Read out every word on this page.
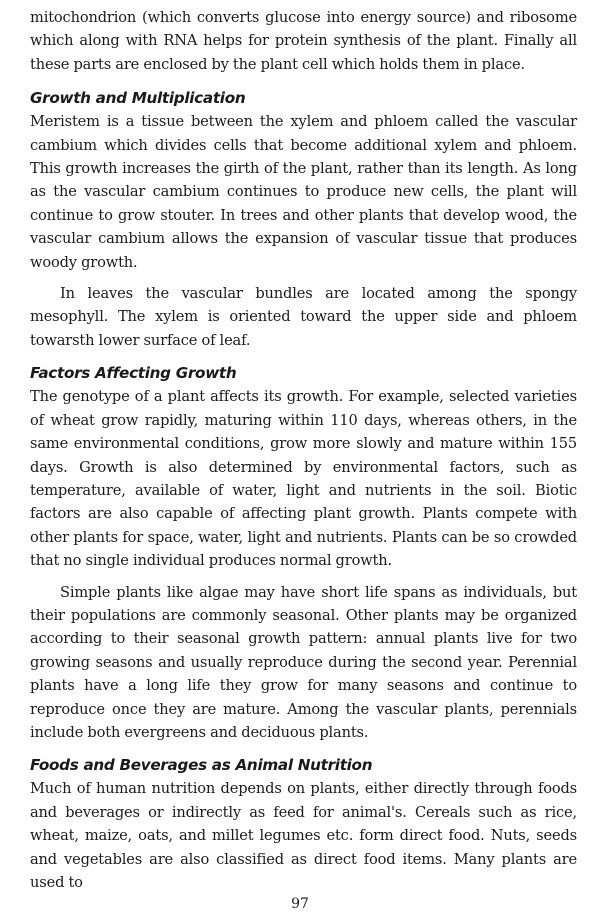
mitochondrion (which converts glucose into energy source) and ribosome which along with RNA helps for protein synthesis of the plant. Finally all these parts are enclosed by the plant cell which holds them in place.

Growth and Multiplication

Meristem is a tissue between the xylem and phloem called the vascular cambium which divides cells that become additional xylem and phloem. This growth increases the girth of the plant, rather than its length. As long as the vascular cambium continues to produce new cells, the plant will continue to grow stouter. In trees and other plants that develop wood, the vascular cambium allows the expansion of vascular tissue that produces woody growth.

In leaves the vascular bundles are located among the spongy mesophyll. The xylem is oriented toward the upper side and phloem towarsth lower surface of leaf.

Factors Affecting Growth

The genotype of a plant affects its growth. For example, selected varieties of wheat grow rapidly, maturing within 110 days, whereas others, in the same environmental conditions, grow more slowly and mature within 155 days. Growth is also determined by environmental factors, such as temperature, available of water, light and nutrients in the soil. Biotic factors are also capable of affecting plant growth. Plants compete with other plants for space, water, light and nutrients. Plants can be so crowded that no single individual produces normal growth.

Simple plants like algae may have short life spans as individuals, but their populations are commonly seasonal. Other plants may be organized according to their seasonal growth pattern: annual plants live for two growing seasons and usually reproduce during the second year. Perennial plants have a long life they grow for many seasons and continue to reproduce once they are mature. Among the vascular plants, perennials include both evergreens and deciduous plants.

Foods and Beverages as Animal Nutrition

Much of human nutrition depends on plants, either directly through foods and beverages or indirectly as feed for animal's. Cereals such as rice, wheat, maize, oats, and millet legumes etc. form direct food. Nuts, seeds and vegetables are also classified as direct food items. Many plants are used to

97
